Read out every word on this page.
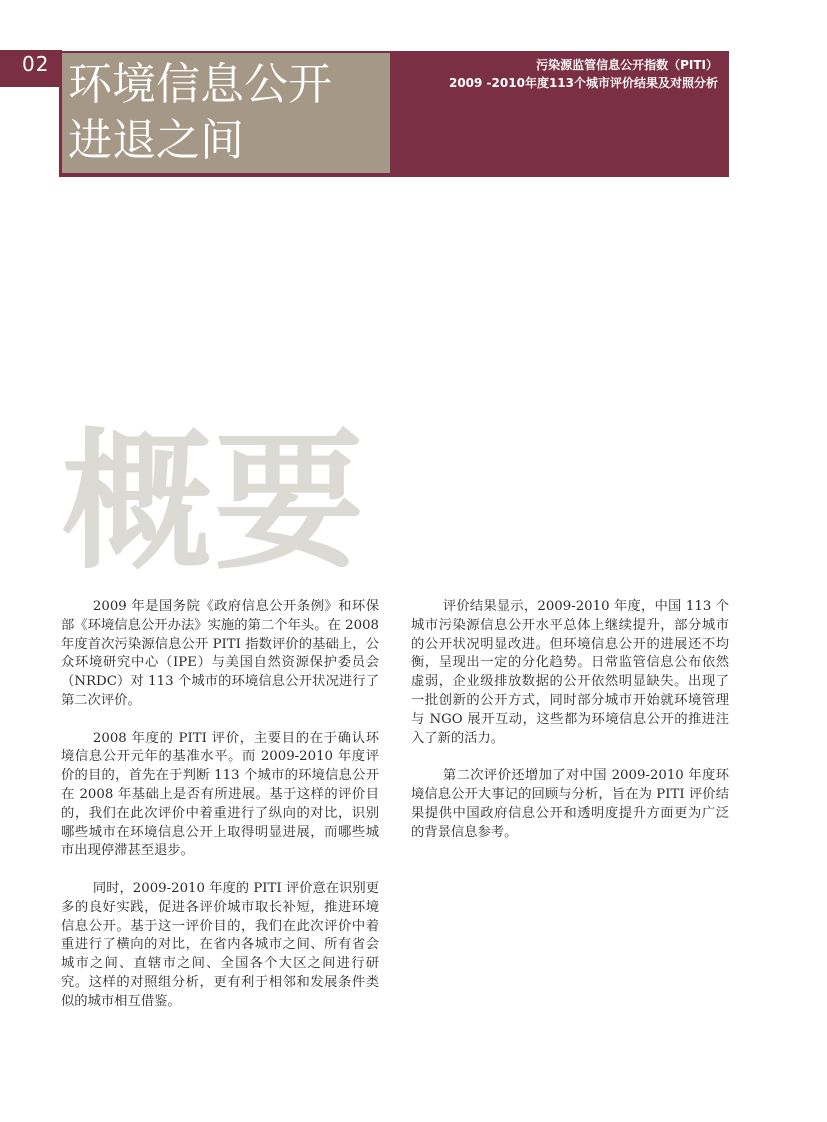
02 环境信息公开
进退之间
污染源监管信息公开指数（PITI）
2009 -2010年度113个城市评价结果及对照分析
概要

2009 年是国务院《政府信息公开条例》和环保部《环境信息公开办法》实施的第二个年头。在 2008 年度首次污染源信息公开 PITI 指数评价的基础上，公众环境研究中心（IPE）与美国自然资源保护委员会（NRDC）对 113 个城市的环境信息公开状况进行了第二次评价。

2008 年度的 PITI 评价，主要目的在于确认环境信息公开元年的基准水平。而 2009-2010 年度评价的目的，首先在于判断 113 个城市的环境信息公开在 2008 年基础上是否有所进展。基于这样的评价目的，我们在此次评价中着重进行了纵向的对比，识别哪些城市在环境信息公开上取得明显进展，而哪些城市出现停滞甚至退步。

同时，2009-2010 年度的 PITI 评价意在识别更多的良好实践，促进各评价城市取长补短，推进环境信息公开。基于这一评价目的，我们在此次评价中着重进行了横向的对比，在省内各城市之间、所有省会城市之间、直辖市之间、全国各个大区之间进行研究。这样的对照组分析，更有利于相邻和发展条件类似的城市相互借鉴。

评价结果显示，2009-2010 年度，中国 113 个城市污染源信息公开水平总体上继续提升，部分城市的公开状况明显改进。但环境信息公开的进展还不均衡，呈现出一定的分化趋势。日常监管信息公布依然虚弱，企业级排放数据的公开依然明显缺失。出现了一批创新的公开方式，同时部分城市开始就环境管理与 NGO 展开互动，这些都为环境信息公开的推进注入了新的活力。

第二次评价还增加了对中国 2009-2010 年度环境信息公开大事记的回顾与分析，旨在为 PITI 评价结果提供中国政府信息公开和透明度提升方面更为广泛的背景信息参考。
